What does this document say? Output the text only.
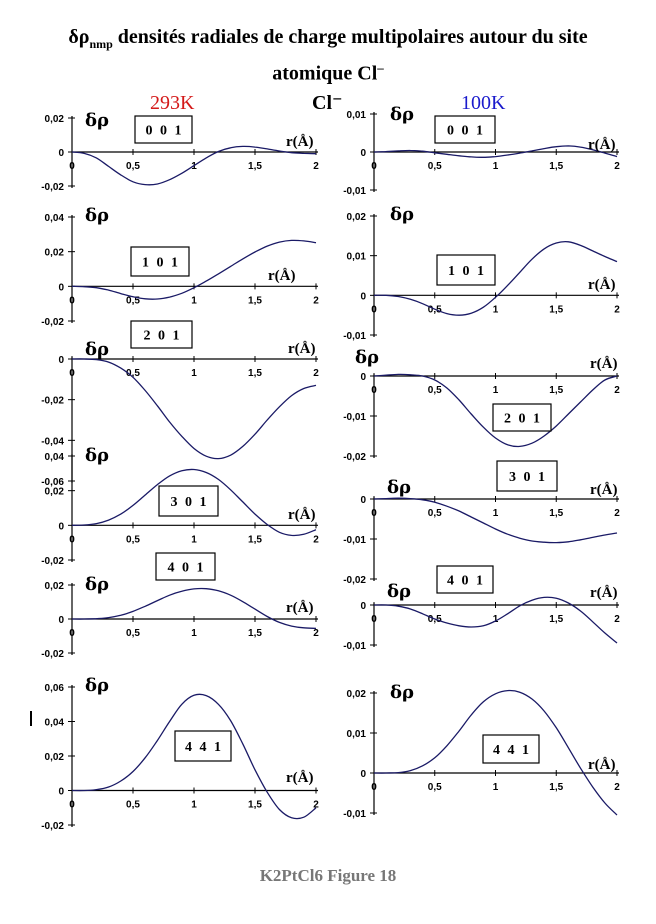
$\delta\rho_{nmp}$ densités radiales de charge multipolaires autour du site
atomique Cl–
293K	Cl⁻	100K
0,02
0
-0,02
0	0,5	1	1,5	2
δρ
r(Å)
0 0 1
0,01
0
-0,01
0	0,5	1	1,5	2
δρ
r(Å)
0 0 1
0,04
0,02
0
-0,02
0	0,5	1	1,5	2
δρ
r(Å)
1 0 1
0,02
0,01
0
-0,01
0	0,5	1	1,5	2
δρ
r(Å)
1 0 1
0
-0,02
-0,04
-0,06
0	0,5	1	1,5	2
δρ	r(Å)
2 0 1
0
-0,01
-0,02
0	0,5	1	1,5	2
δρ	r(Å)
2 0 1
0,04
0,02
0
-0,02
0	0,5	1	1,5	2
δρ
r(Å)
3 0 1	0
-0,01
-0,02
0	0,5	1	1,5	2
δρ	r(Å)
3 0 1
0,02
0
-0,02
0	0,5	1	1,5	2
δρ
r(Å)
4 0 1
0
-0,01
0	0,5	1	1,5	2
δρ	r(Å)
4 0 1
0,06
0,04
0,02
0
-0,02
0	0,5	1	1,5	2
δρ
r(Å)
4 4 1
0,02
0,01
0
-0,01
0	0,5	1	1,5	2
δρ
r(Å)
4 4 1
K2PtCl6 Figure 18
